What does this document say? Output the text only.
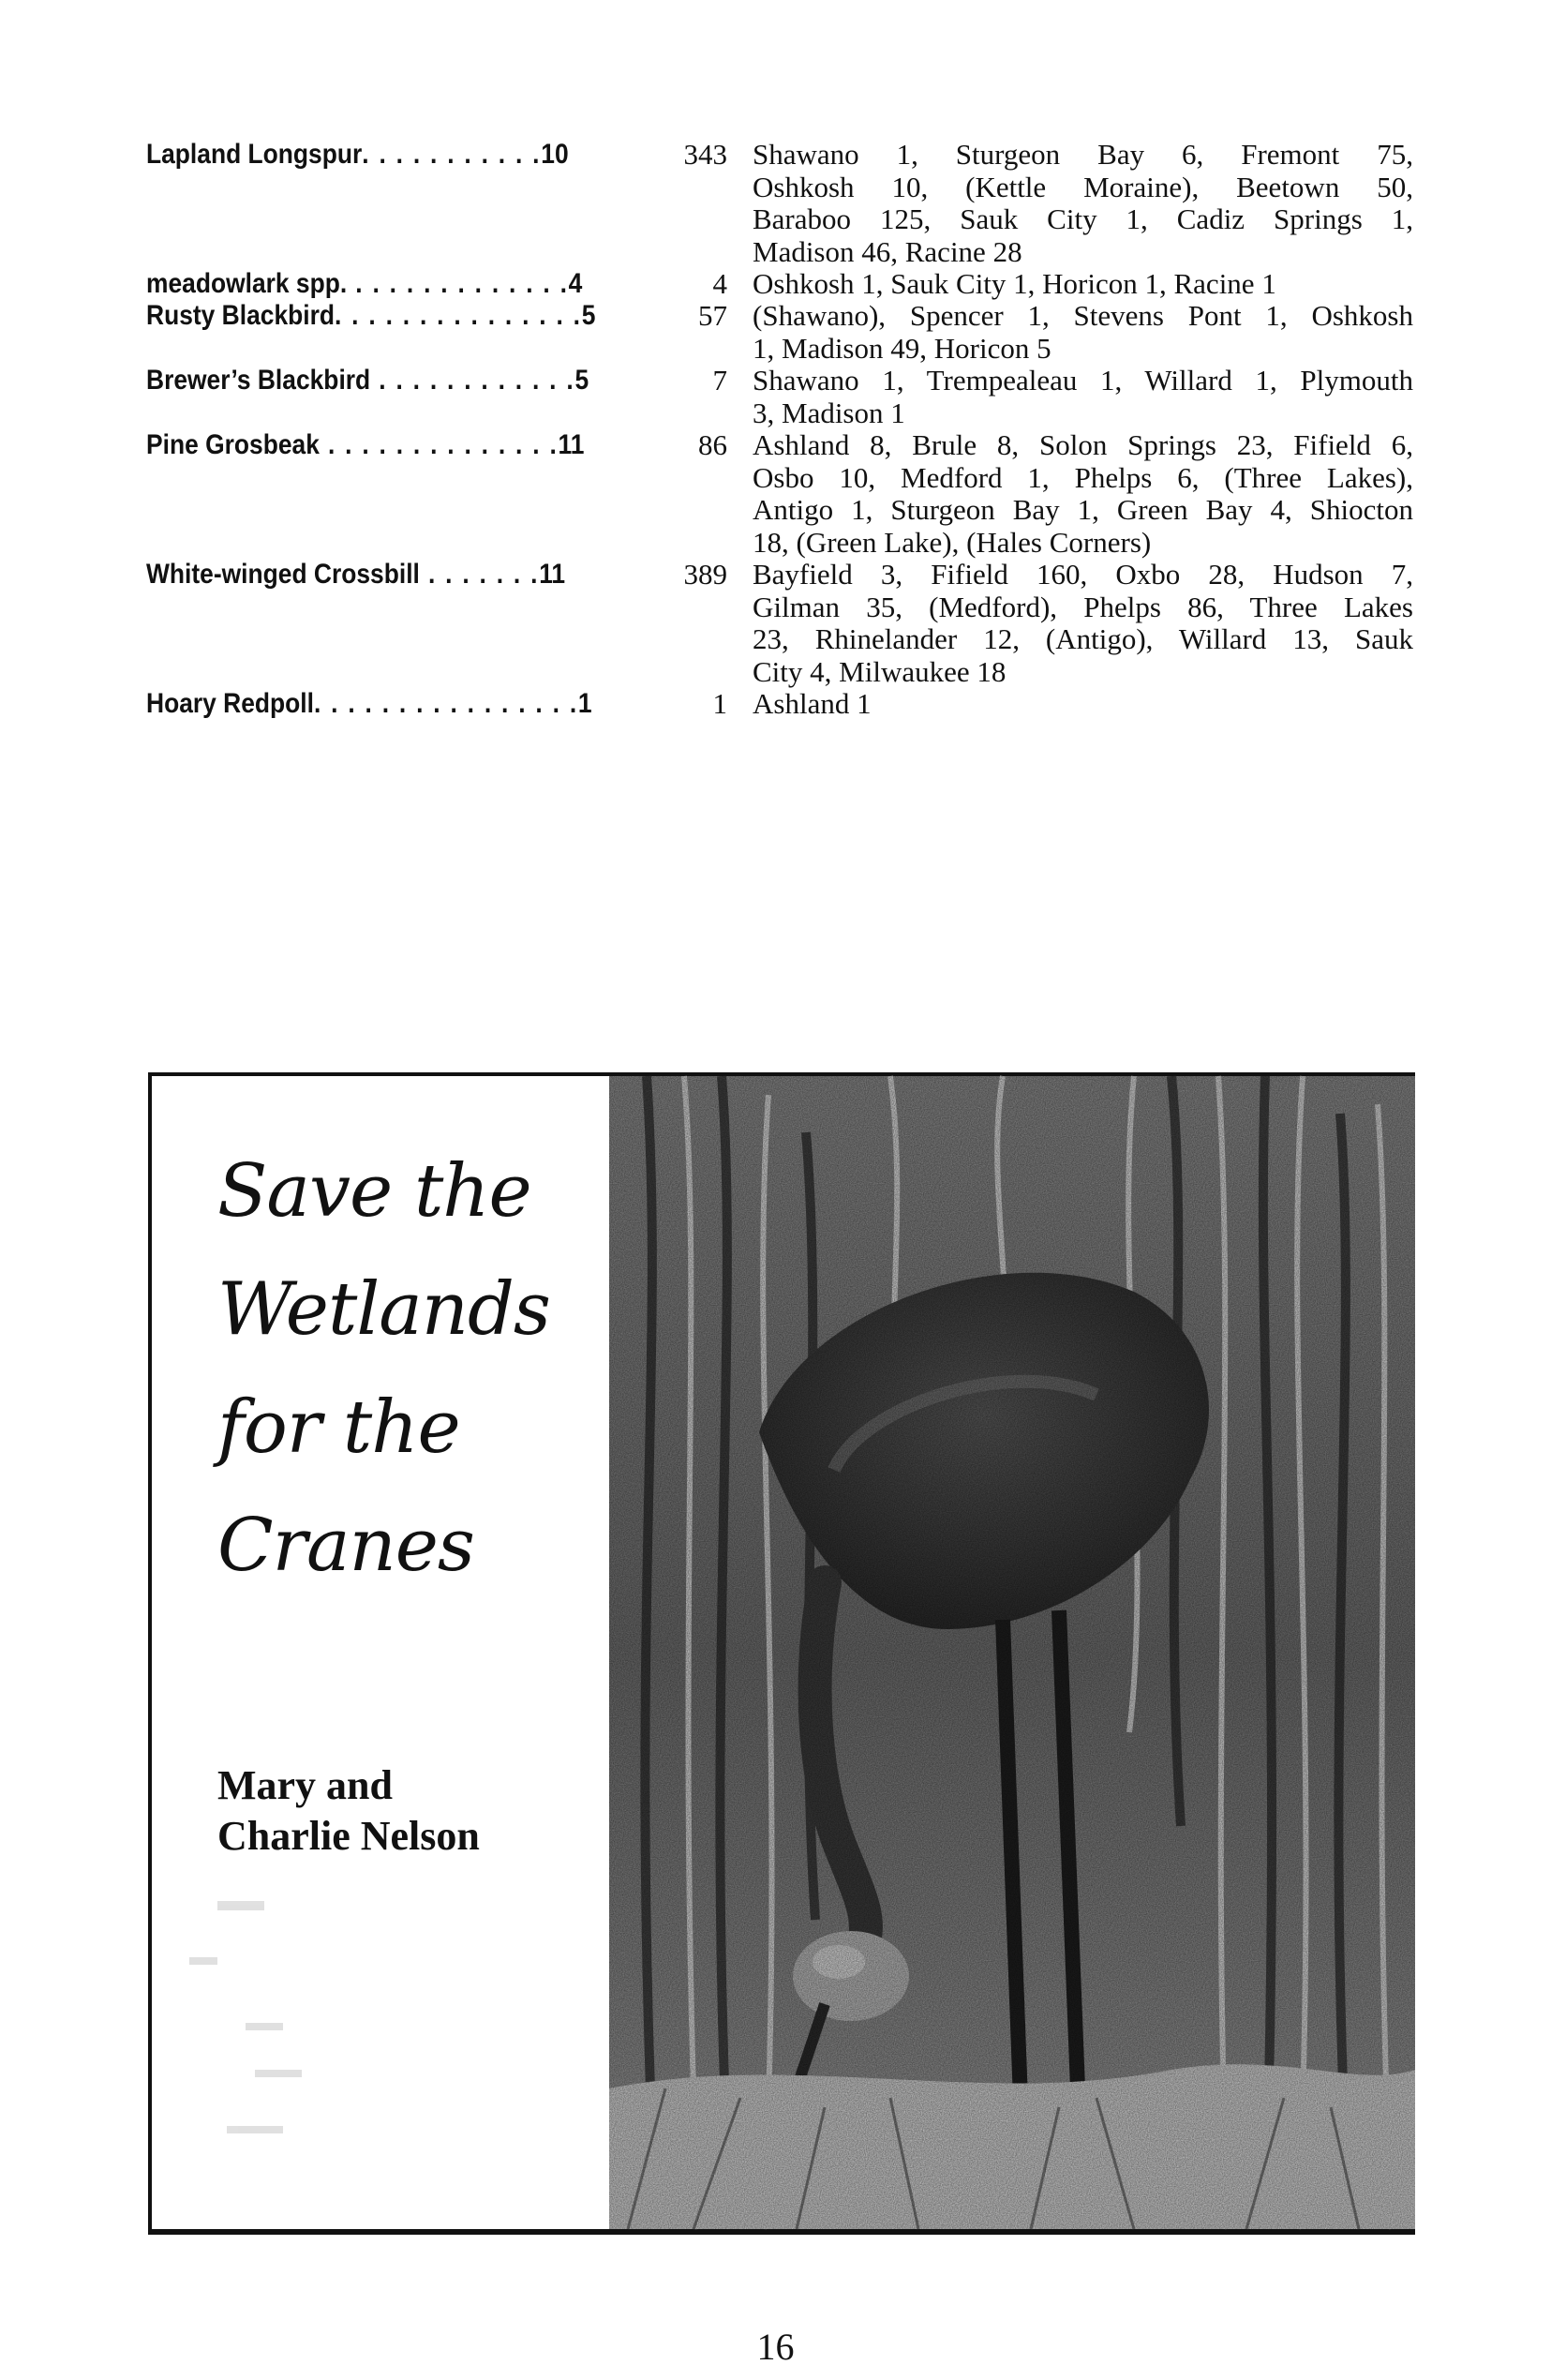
Lapland Longspur. . . . . . . . . . .10	343 Shawano 1, Sturgeon Bay 6, Fremont 75,
Oshkosh 10, (Kettle Moraine), Beetown 50,
Baraboo 125, Sauk City 1, Cadiz Springs 1,
Madison 46, Racine 28
meadowlark spp. . . . . . . . . . . . . .4	4 Oshkosh 1, Sauk City 1, Horicon 1, Racine 1
Rusty Blackbird. . . . . . . . . . . . . . .5	57 (Shawano), Spencer 1, Stevens Pont 1, Oshkosh
1, Madison 49, Horicon 5
Brewer’s Blackbird . . . . . . . . . . . .5	7 Shawano 1, Trempealeau 1, Willard 1, Plymouth
3, Madison 1
Pine Grosbeak . . . . . . . . . . . . . .11	86 Ashland 8, Brule 8, Solon Springs 23, Fifield 6,
Osbo 10, Medford 1, Phelps 6, (Three Lakes),
Antigo 1, Sturgeon Bay 1, Green Bay 4, Shiocton
18, (Green Lake), (Hales Corners)
White-winged Crossbill . . . . . . .11	389 Bayfield 3, Fifield 160, Oxbo 28, Hudson 7,
Gilman 35, (Medford), Phelps 86, Three Lakes
23, Rhinelander 12, (Antigo), Willard 13, Sauk
City 4, Milwaukee 18
Hoary Redpoll. . . . . . . . . . . . . . . .1	1 Ashland 1
Save the
Wetlands
for the
Cranes
Mary and
Charlie Nelson
16
